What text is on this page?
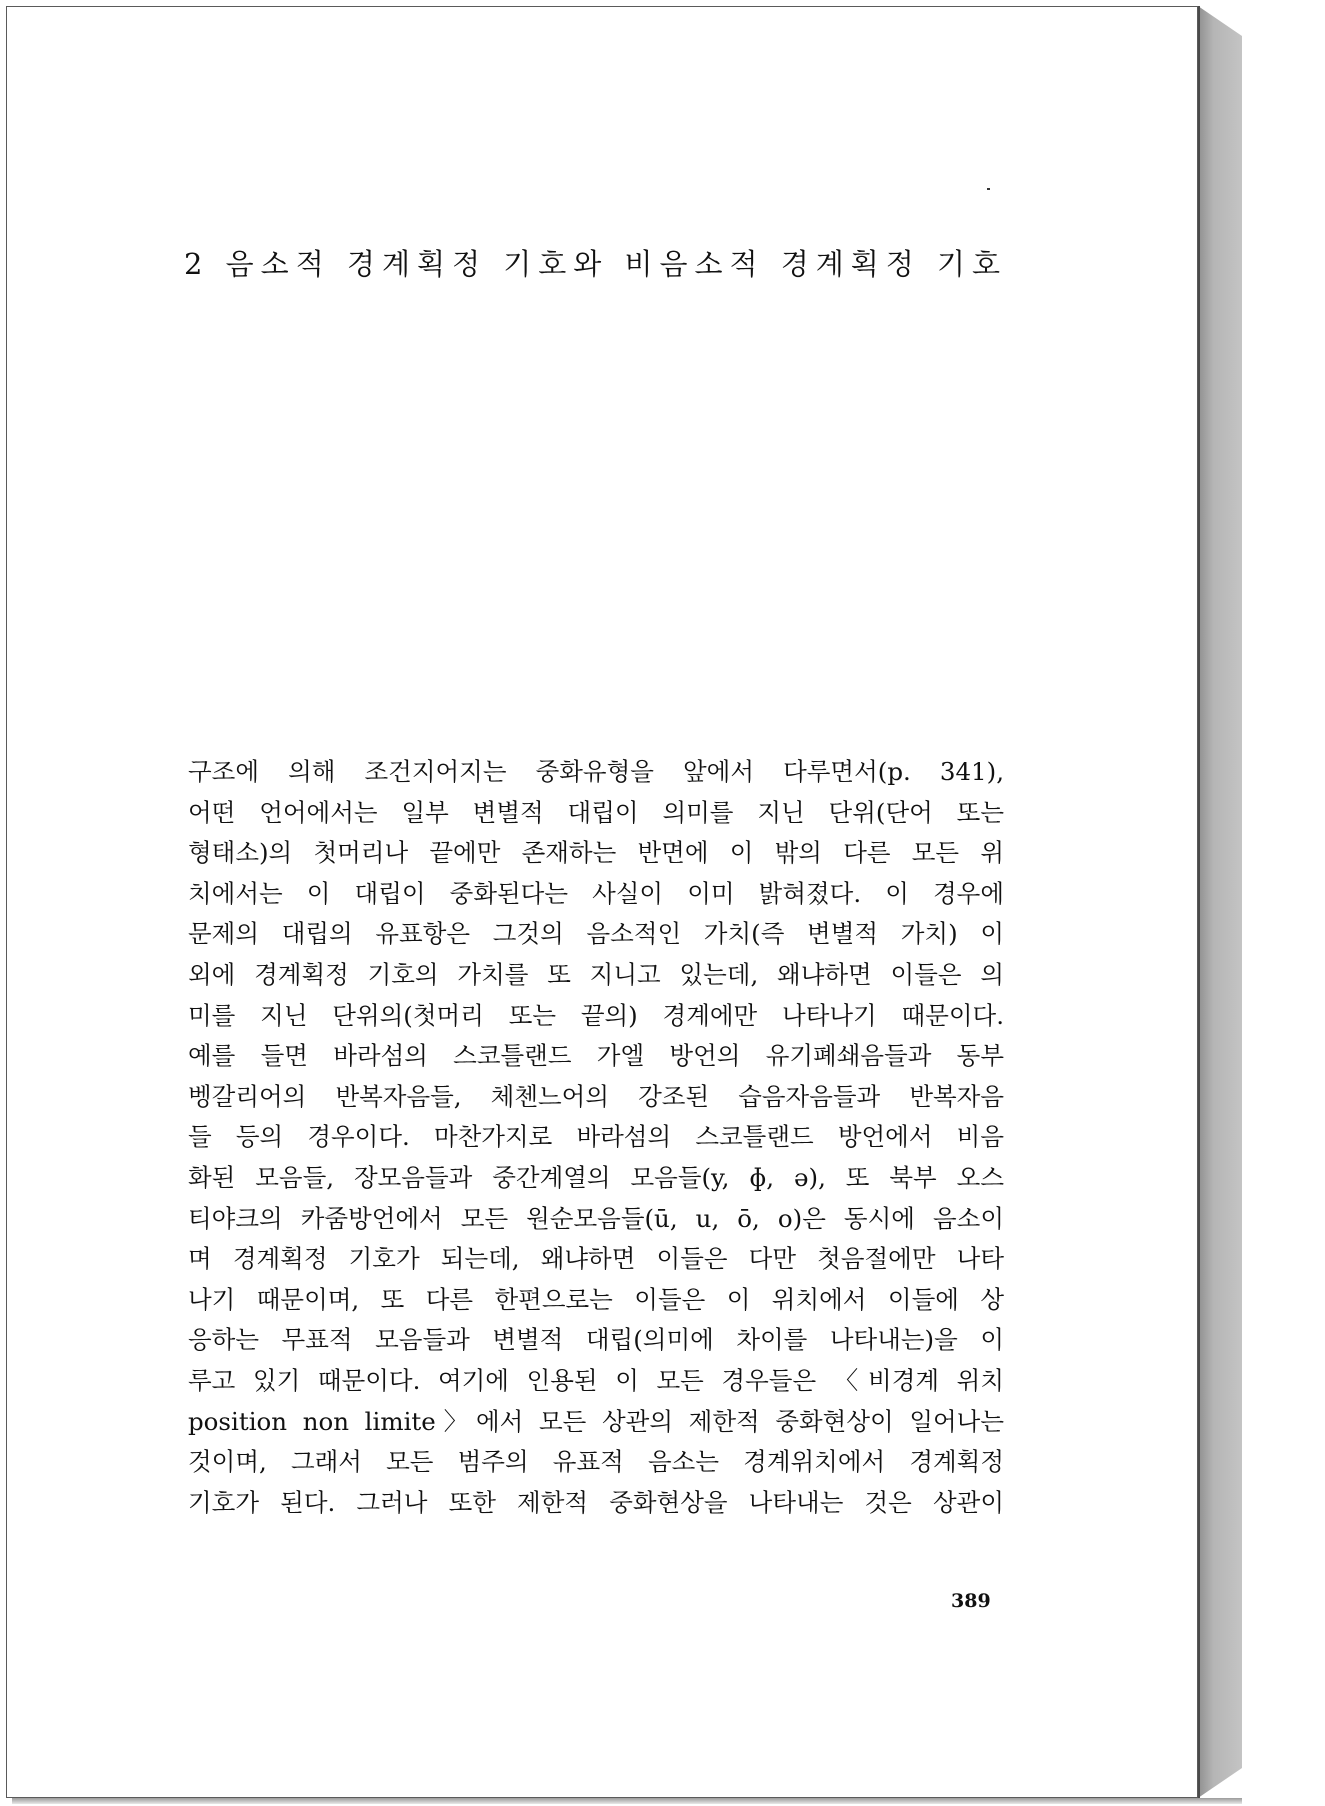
2 음소적 경계획정 기호와 비음소적 경계획정 기호
구조에 의해 조건지어지는 중화유형을 앞에서 다루면서(p. 341),
어떤 언어에서는 일부 변별적 대립이 의미를 지닌 단위(단어 또는
형태소)의 첫머리나 끝에만 존재하는 반면에 이 밖의 다른 모든 위
치에서는 이 대립이 중화된다는 사실이 이미 밝혀졌다. 이 경우에
문제의 대립의 유표항은 그것의 음소적인 가치(즉 변별적 가치) 이
외에 경계획정 기호의 가치를 또 지니고 있는데, 왜냐하면 이들은 의
미를 지닌 단위의(첫머리 또는 끝의) 경계에만 나타나기 때문이다.
예를 들면 바라섬의 스코틀랜드 가엘 방언의 유기폐쇄음들과 동부
벵갈리어의 반복자음들, 체첸느어의 강조된 습음자음들과 반복자음
들 등의 경우이다. 마찬가지로 바라섬의 스코틀랜드 방언에서 비음
화된 모음들, 장모음들과 중간계열의 모음들(y, ɸ, ə), 또 북부 오스
티야크의 카줌방언에서 모든 원순모음들(ū, u, ō, o)은 동시에 음소이
며 경계획정 기호가 되는데, 왜냐하면 이들은 다만 첫음절에만 나타
나기 때문이며, 또 다른 한편으로는 이들은 이 위치에서 이들에 상
응하는 무표적 모음들과 변별적 대립(의미에 차이를 나타내는)을 이
루고 있기 때문이다. 여기에 인용된 이 모든 경우들은 〈비경계 위치
position non limite〉에서 모든 상관의 제한적 중화현상이 일어나는
것이며, 그래서 모든 범주의 유표적 음소는 경계위치에서 경계획정
기호가 된다. 그러나 또한 제한적 중화현상을 나타내는 것은 상관이
389
